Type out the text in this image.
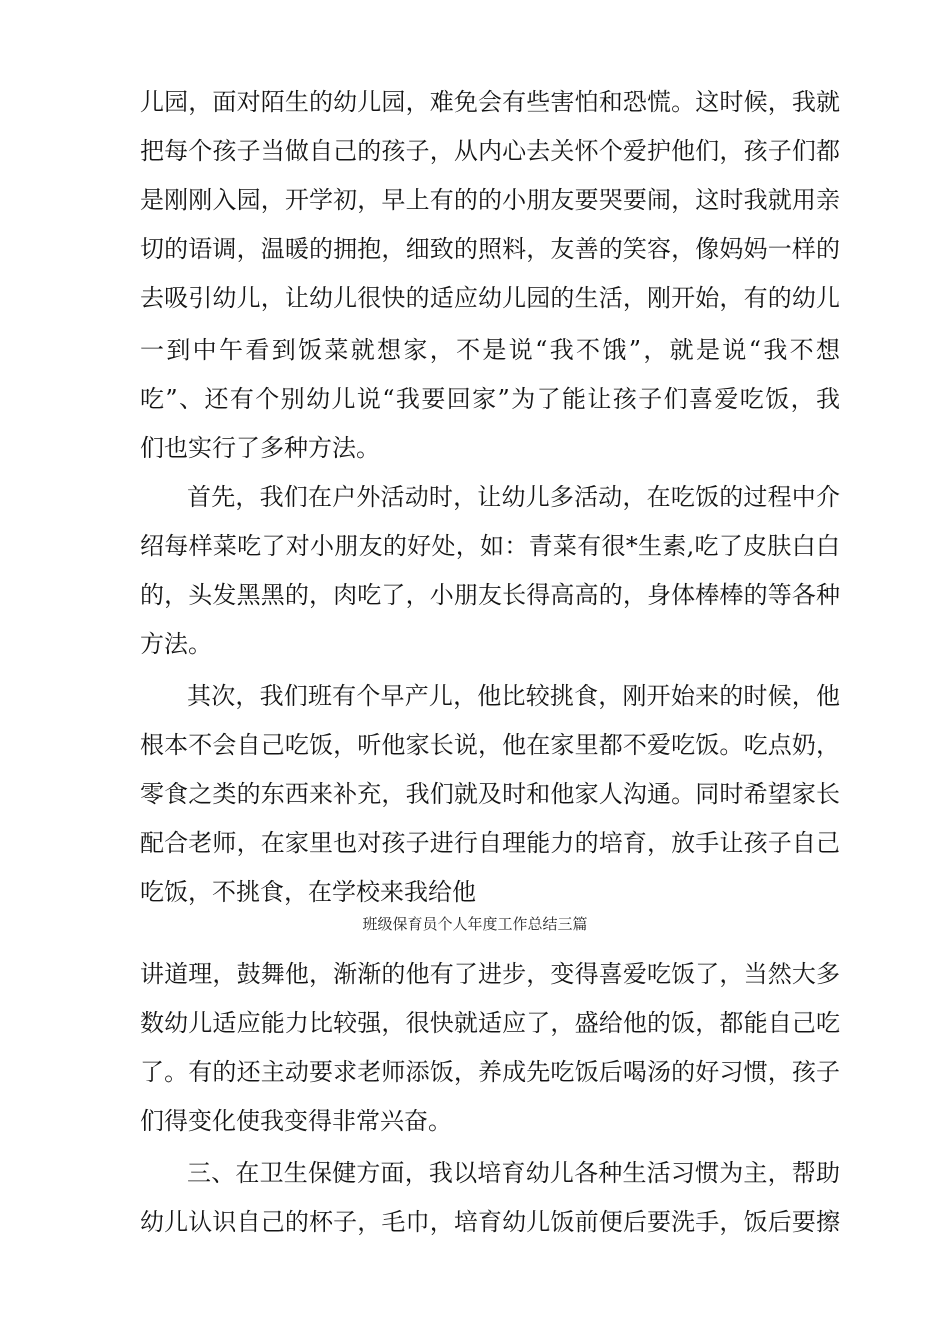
儿园，面对陌生的幼儿园，难免会有些害怕和恐慌。这时候，我就
把每个孩子当做自己的孩子，从内心去关怀个爱护他们，孩子们都
是刚刚入园，开学初，早上有的的小朋友要哭要闹，这时我就用亲
切的语调，温暖的拥抱，细致的照料，友善的笑容，像妈妈一样的
去吸引幼儿，让幼儿很快的适应幼儿园的生活，刚开始，有的幼儿
一到中午看到饭菜就想家，不是说“我不饿”，就是说“我不想
吃”、还有个别幼儿说“我要回家”为了能让孩子们喜爱吃饭，我
们也实行了多种方法。
首先，我们在户外活动时，让幼儿多活动，在吃饭的过程中介
绍每样菜吃了对小朋友的好处，如：青菜有很*生素,吃了皮肤白白
的，头发黑黑的，肉吃了，小朋友长得高高的，身体棒棒的等各种
方法。
其次，我们班有个早产儿，他比较挑食，刚开始来的时候，他
根本不会自己吃饭，听他家长说，他在家里都不爱吃饭。吃点奶，
零食之类的东西来补充，我们就及时和他家人沟通。同时希望家长
配合老师，在家里也对孩子进行自理能力的培育，放手让孩子自己
吃饭，不挑食，在学校来我给他
班级保育员个人年度工作总结三篇
讲道理，鼓舞他，渐渐的他有了进步，变得喜爱吃饭了，当然大多
数幼儿适应能力比较强，很快就适应了，盛给他的饭，都能自己吃
了。有的还主动要求老师添饭，养成先吃饭后喝汤的好习惯，孩子
们得变化使我变得非常兴奋。
三、在卫生保健方面，我以培育幼儿各种生活习惯为主，帮助
幼儿认识自己的杯子，毛巾，培育幼儿饭前便后要洗手，饭后要擦
